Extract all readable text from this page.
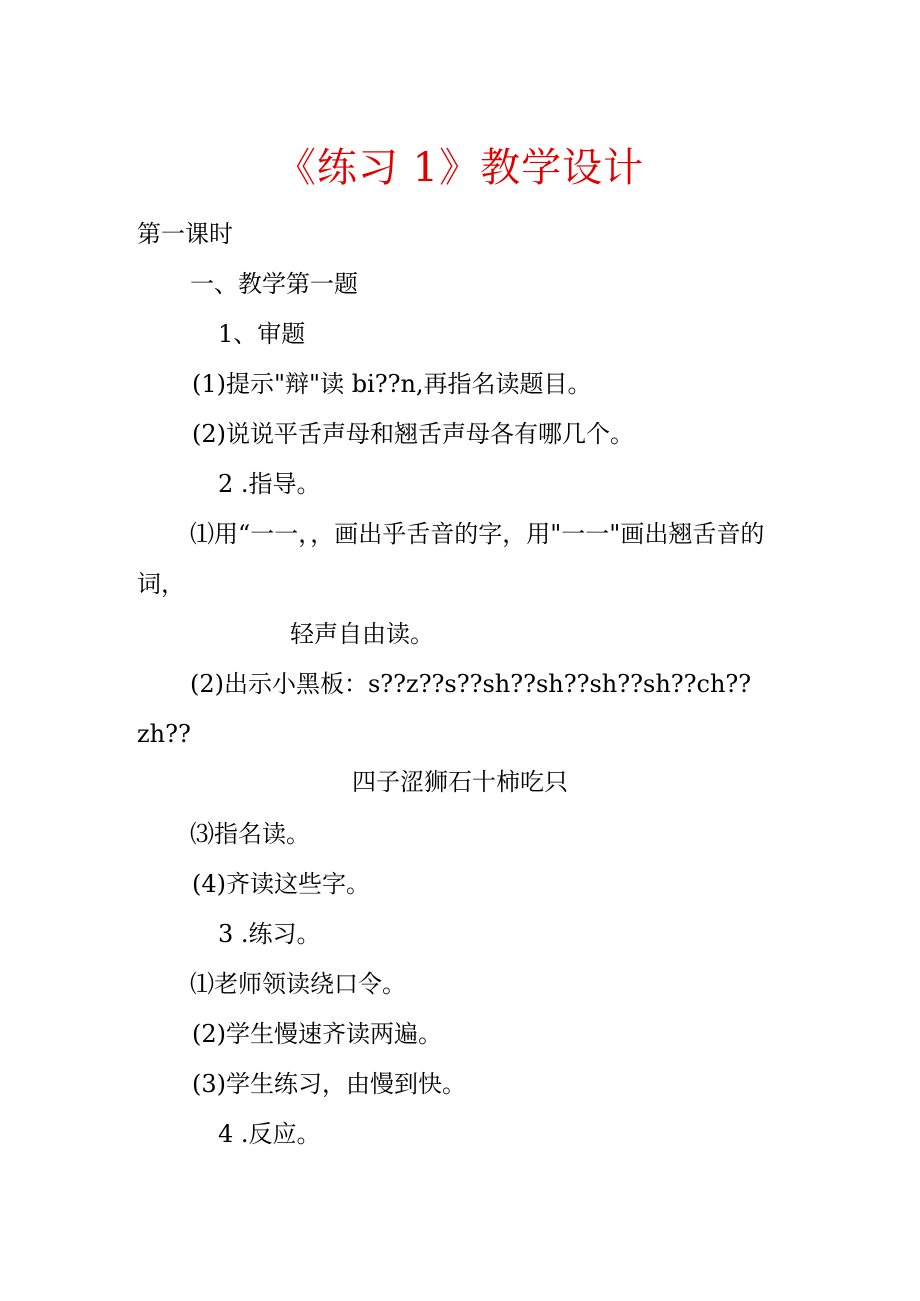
《练习 1》教学设计
第一课时
一、教学第一题
1、审题
(1)提示"辩"读 bi??n,再指名读题目。
(2)说说平舌声母和翘舌声母各有哪几个。
2 .指导。
⑴用“一一，，画出乎舌音的字，用"一一"画出翘舌音的词，
轻声自由读。
(2)出示小黑板：s??z??s??sh??sh??sh??sh??ch??zh??
四子涩狮石十柿吃只
⑶指名读。
(4)齐读这些字。
3 .练习。
⑴老师领读绕口令。
(2)学生慢速齐读两遍。
(3)学生练习，由慢到快。
4 .反应。
